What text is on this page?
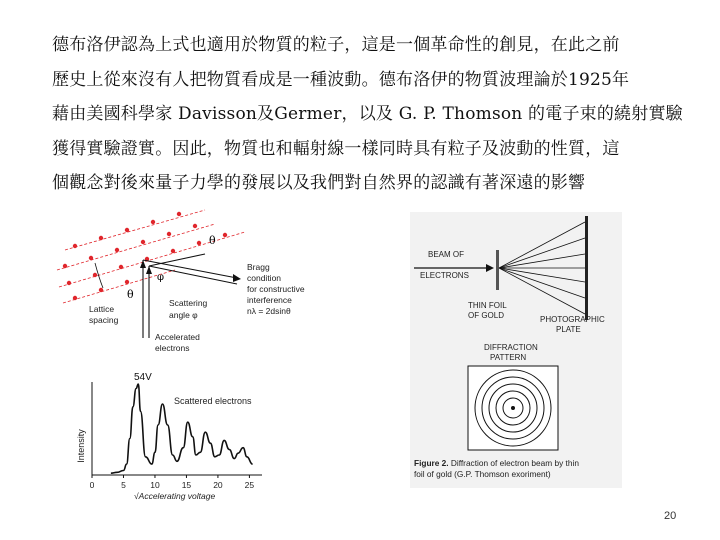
德布洛伊認為上式也適用於物質的粒子，這是一個革命性的創見，在此之前
歷史上從來沒有人把物質看成是一種波動。德布洛伊的物質波理論於1925年
藉由美國科學家 Davisson及Germer，以及 G. P. Thomson 的電子束的繞射實驗
獲得實驗證實。因此，物質也和輻射線一樣同時具有粒子及波動的性質，這
個觀念對後來量子力學的發展以及我們對自然界的認識有著深遠的影響
θ
θ
φ
Bragg condition for constructive interference nλ = 2dsinθ
Scattering angle φ
Lattice spacing
Accelerated electrons
Intensity
0	5	10	15	20	25
54V
Scattered electrons
√Accelerating voltage
BEAM OF ELECTRONS
THIN FOIL OF GOLD	PHOTOGRAPHIC PLATE
DIFFRACTION PATTERN
Figure 2. Diffraction of electron beam by thin foil of gold (G.P. Thomson exoriment)
20
